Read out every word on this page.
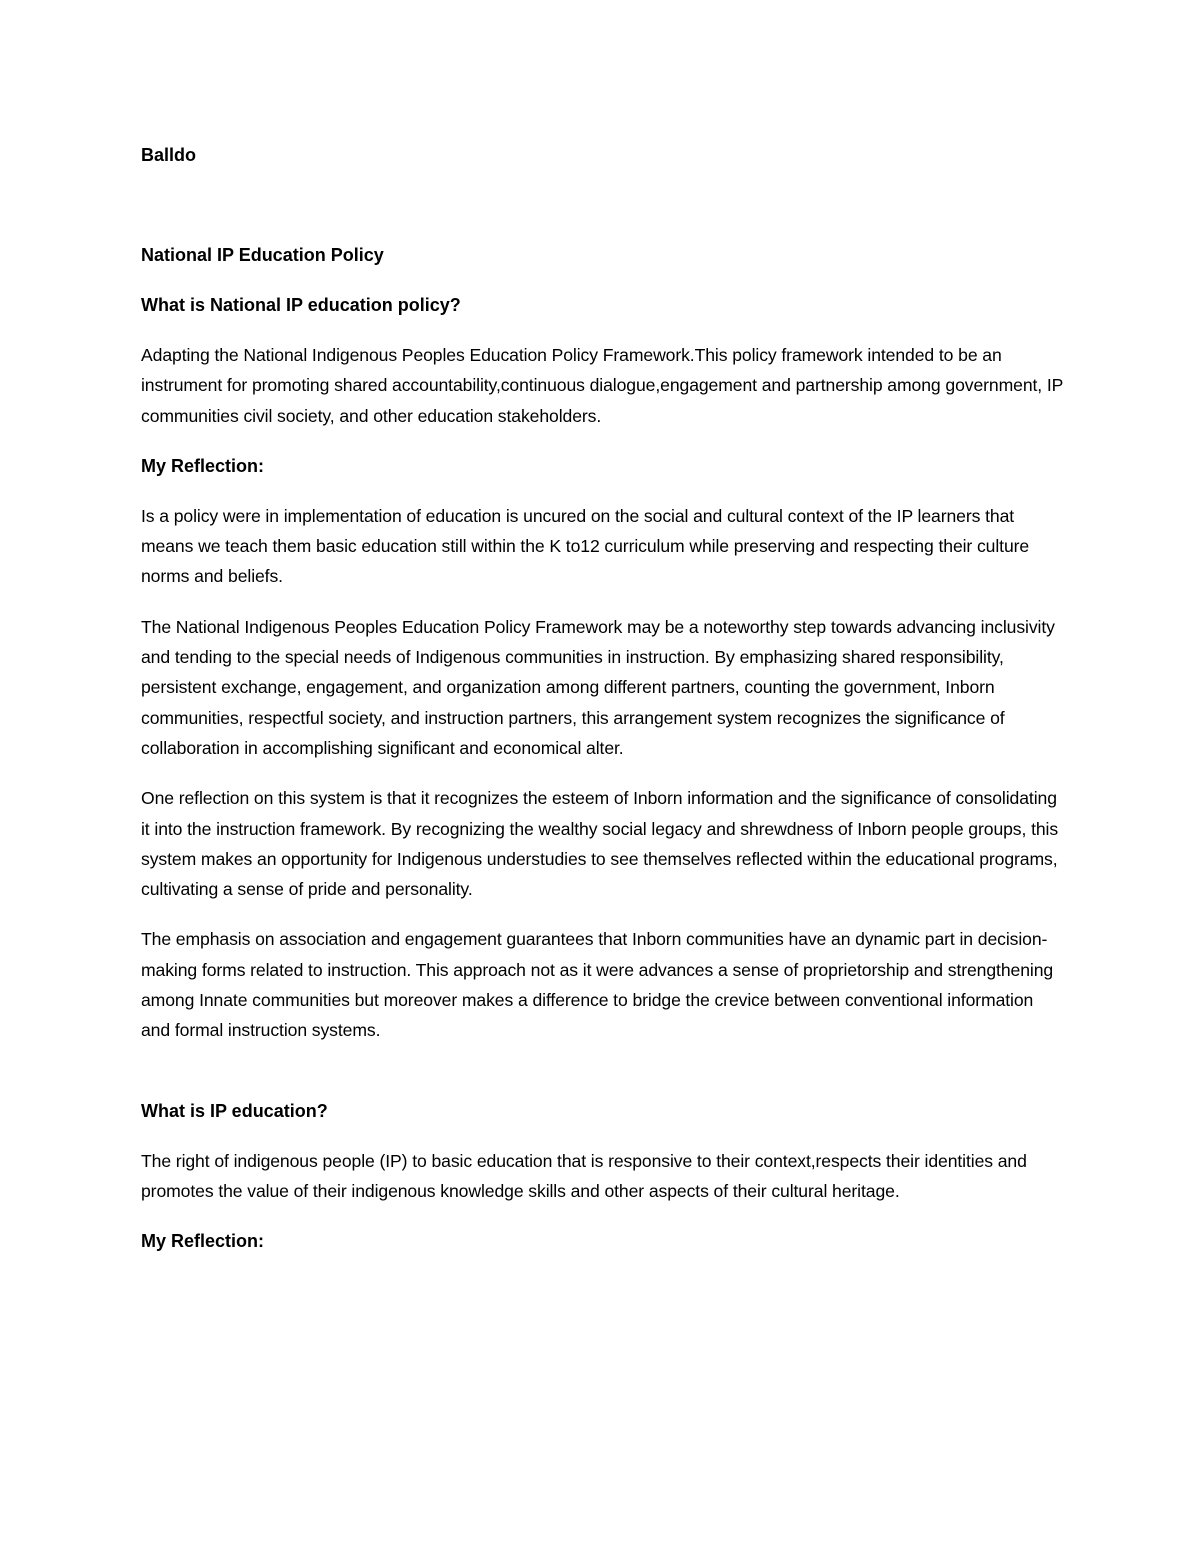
Balldo
National IP Education Policy
What is National IP education policy?

Adapting the National Indigenous Peoples Education Policy Framework.This policy framework intended to be an instrument for promoting shared accountability,continuous dialogue,engagement and partnership among government, IP communities civil society, and other education stakeholders.

My Reflection:

Is a policy were in implementation of education is uncured on the social and cultural context of the IP learners that means we teach them basic education still within the K to12 curriculum while preserving and respecting their culture norms and beliefs.

The National Indigenous Peoples Education Policy Framework may be a noteworthy step towards advancing inclusivity and tending to the special needs of Indigenous communities in instruction. By emphasizing shared responsibility, persistent exchange, engagement, and organization among different partners, counting the government, Inborn communities, respectful society, and instruction partners, this arrangement system recognizes the significance of collaboration in accomplishing significant and economical alter.

One reflection on this system is that it recognizes the esteem of Inborn information and the significance of consolidating it into the instruction framework. By recognizing the wealthy social legacy and shrewdness of Inborn people groups, this system makes an opportunity for Indigenous understudies to see themselves reflected within the educational programs, cultivating a sense of pride and personality.

The emphasis on association and engagement guarantees that Inborn communities have an dynamic part in decision-making forms related to instruction. This approach not as it were advances a sense of proprietorship and strengthening among Innate communities but moreover makes a difference to bridge the crevice between conventional information and formal instruction systems.

What is IP education?

The right of indigenous people (IP) to basic education that is responsive to their context,respects their identities and promotes the value of their indigenous knowledge skills and other aspects of their cultural heritage.

My Reflection:
